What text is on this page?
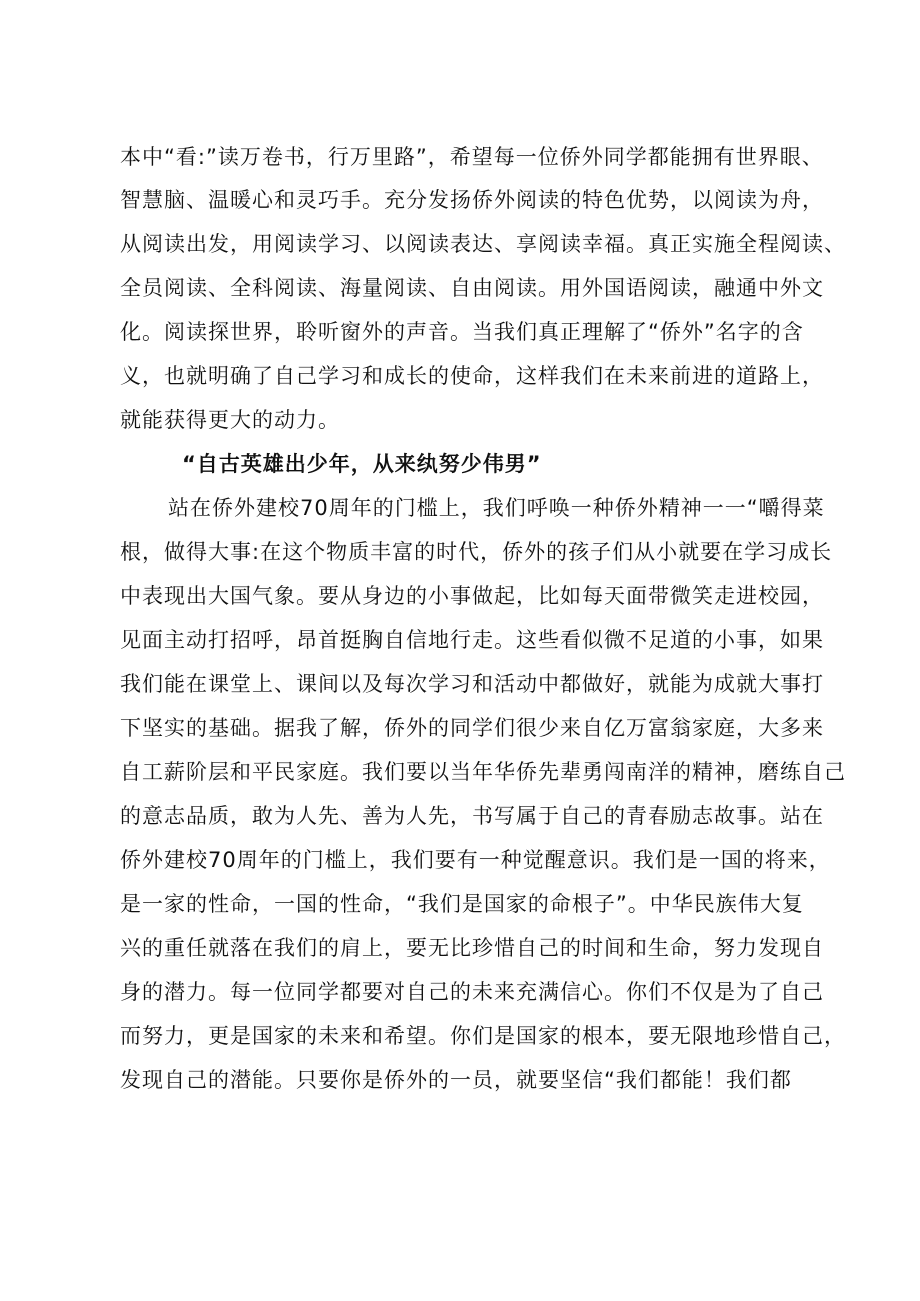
本中“看:”读万卷书，行万里路”，希望每一位侨外同学都能拥有世界眼、
智慧脑、温暖心和灵巧手。充分发扬侨外阅读的特色优势，以阅读为舟，
从阅读出发，用阅读学习、以阅读表达、享阅读幸福。真正实施全程阅读、
全员阅读、全科阅读、海量阅读、自由阅读。用外国语阅读，融通中外文
化。阅读探世界，聆听窗外的声音。当我们真正理解了“侨外”名字的含
义，也就明确了自己学习和成长的使命，这样我们在未来前进的道路上，
就能获得更大的动力。
“自古英雄出少年，从来纨努少伟男”
站在侨外建校70周年的门槛上，我们呼唤一种侨外精神一一“嚼得菜
根，做得大事:在这个物质丰富的时代，侨外的孩子们从小就要在学习成长
中表现出大国气象。要从身边的小事做起，比如每天面带微笑走进校园，
见面主动打招呼，昂首挺胸自信地行走。这些看似微不足道的小事，如果
我们能在课堂上、课间以及每次学习和活动中都做好，就能为成就大事打
下坚实的基础。据我了解，侨外的同学们很少来自亿万富翁家庭，大多来
自工薪阶层和平民家庭。我们要以当年华侨先辈勇闯南洋的精神，磨练自己
的意志品质，敢为人先、善为人先，书写属于自己的青春励志故事。站在
侨外建校70周年的门槛上，我们要有一种觉醒意识。我们是一国的将来，
是一家的性命，一国的性命，“我们是国家的命根子”。中华民族伟大复
兴的重任就落在我们的肩上，要无比珍惜自己的时间和生命，努力发现自
身的潜力。每一位同学都要对自己的未来充满信心。你们不仅是为了自己
而努力，更是国家的未来和希望。你们是国家的根本，要无限地珍惜自己，
发现自己的潜能。只要你是侨外的一员，就要坚信“我们都能！我们都
